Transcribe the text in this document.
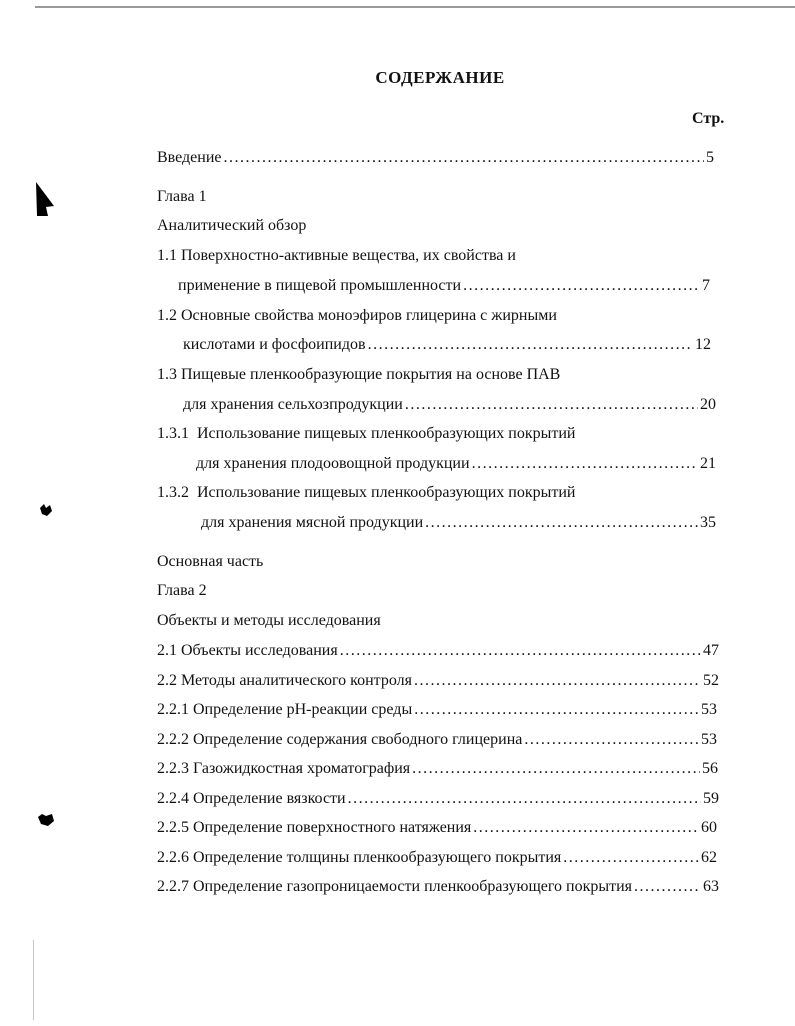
СОДЕРЖАНИЕ
Стр.
Введение .....	5
Глава 1
Аналитический обзор
1.1 Поверхностно-активные вещества, их свойства и
применение в пищевой промышленности .....	7
1.2 Основные свойства моноэфиров глицерина с жирными
кислотами и фосфоипидов .....	12
1.3 Пищевые пленкообразующие покрытия на основе ПАВ
для хранения сельхозпродукции .....	20
1.3.1  Использование пищевых пленкообразующих покрытий
для хранения плодоовощной продукции .....	21
1.3.2  Использование пищевых пленкообразующих покрытий
для хранения мясной продукции .....	35
Основная часть
Глава 2
Объекты и методы исследования
2.1 Объекты исследования .....	47
2.2 Методы аналитического контроля .....	52
2.2.1 Определение рН-реакции среды .....	53
2.2.2 Определение содержания свободного глицерина .....	53
2.2.3 Газожидкостная хроматография .....	56
2.2.4 Определение вязкости .....	59
2.2.5 Определение поверхностного натяжения .....	60
2.2.6 Определение толщины пленкообразующего покрытия .....	62
2.2.7 Определение газопроницаемости пленкообразующего покрытия .....	63
